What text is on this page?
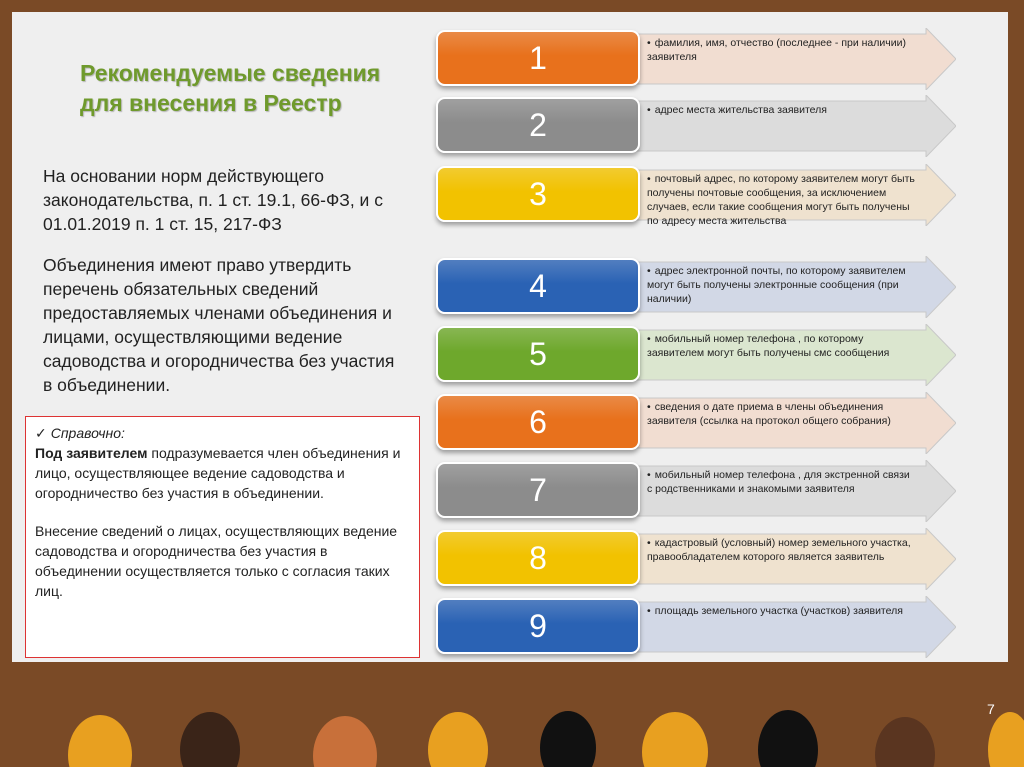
Рекомендуемые сведения для внесения в Реестр
На основании норм действующего законодательства, п. 1 ст. 19.1, 66-ФЗ, и с 01.01.2019 п. 1 ст. 15, 217-ФЗ
Объединения имеют право утвердить перечень обязательных сведений предоставляемых членами объединения и лицами, осуществляющими ведение садоводства и огородничества без участия в объединении.
✓ Справочно:

Под заявителем подразумевается член объединения и лицо, осуществляющее ведение садоводства и огородничество без участия в объединении.

Внесение сведений о лицах, осуществляющих ведение садоводства и огородничества без участия в объединении осуществляется только с согласия таких лиц.

1	• фамилия, имя, отчество (последнее - при наличии) заявителя
2	• адрес места жительства заявителя
3	• почтовый адрес, по которому заявителем могут быть получены почтовые сообщения, за исключением случаев, если такие сообщения могут быть получены по адресу места жительства
4	• адрес электронной почты, по которому заявителем могут быть получены электронные сообщения (при наличии)
5	• мобильный номер телефона , по которому заявителем могут быть получены смс сообщения
6	• сведения о дате приема в члены объединения заявителя (ссылка на протокол общего собрания)
7	• мобильный номер телефона , для экстренной связи с родственниками и знакомыми заявителя
8	• кадастровый (условный) номер земельного участка, правообладателем которого является заявитель
9	• площадь земельного участка (участков) заявителя
7
